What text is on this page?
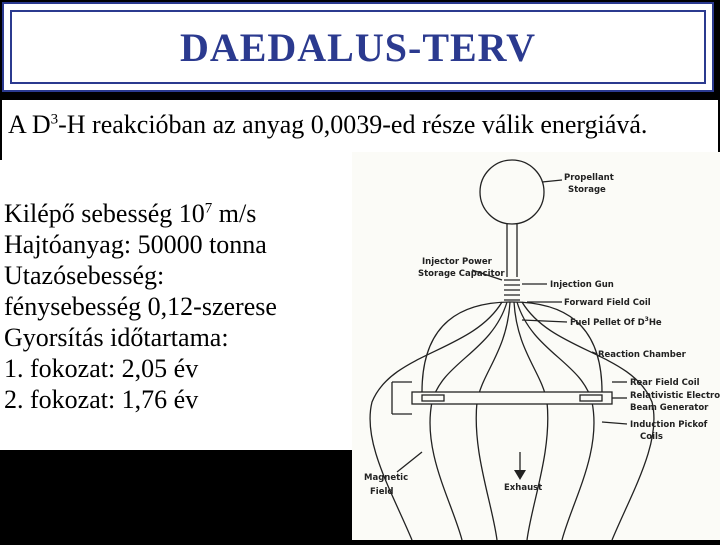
DAEDALUS-TERV
A $D^3-H$ reakcióban az anyag 0,0039-ed része válik energiává.
Kilépő sebesség $10^7$ m/s
Hajtóanyag: 50000 tonna
Utazósebesség:
fénysebesség 0,12-szerese
Gyorsítás időtartama:
1. fokozat: 2,05 év
2. fokozat: 1,76 év
Propellant
Storage
Injector Power
Storage Capacitor
Injection Gun
Forward Field Coil
Fuel Pellet Of $D^3He$
Reaction Chamber
Rear Field Coil
Relativistic Electro
Beam Generator
Induction Pickof
Coils
Magnetic
Field	Exhaust
